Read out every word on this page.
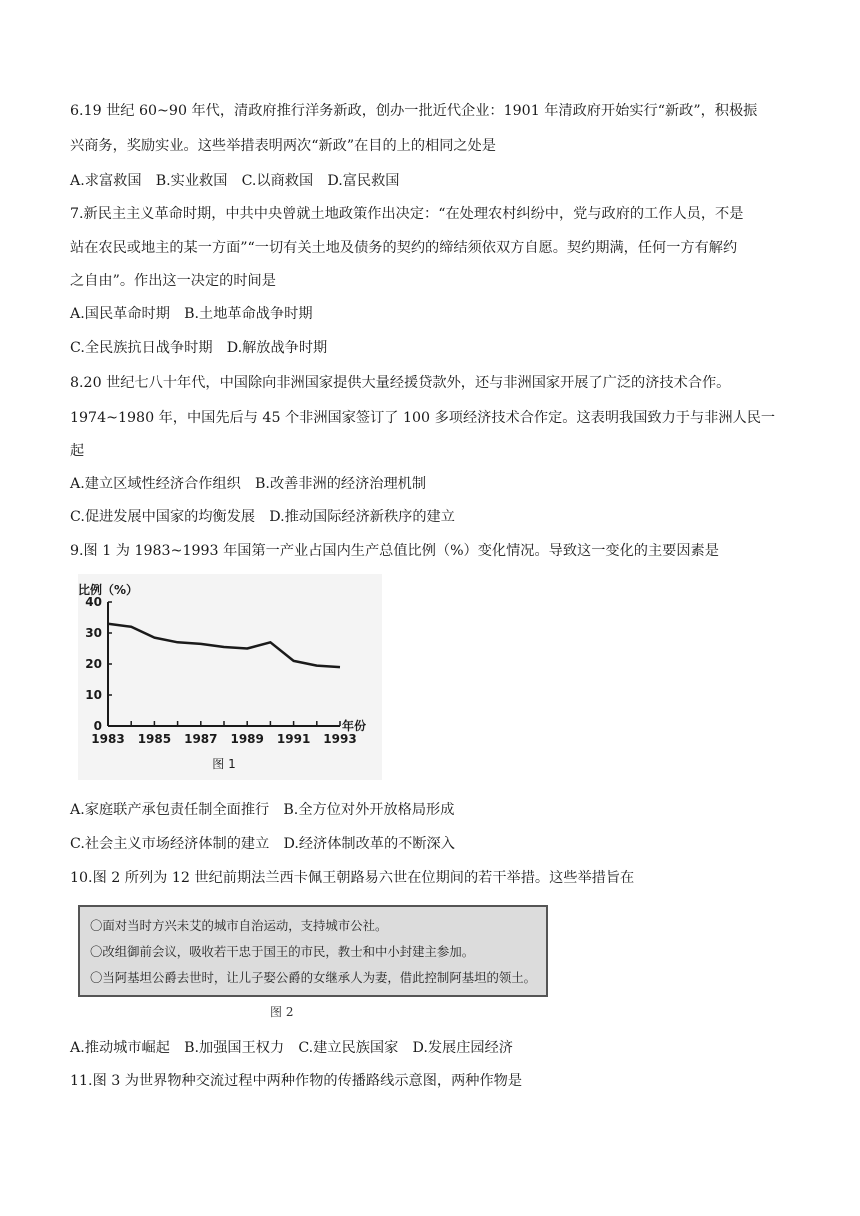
6.19 世纪 60~90 年代，清政府推行洋务新政，创办一批近代企业：1901 年清政府开始实行“新政”，积极振
兴商务，奖励实业。这些举措表明两次“新政”在目的上的相同之处是
A.求富救国　B.实业救国　C.以商救国　D.富民救国
7.新民主主义革命时期，中共中央曾就土地政策作出决定：“在处理农村纠纷中，党与政府的工作人员，不是
站在农民或地主的某一方面”“一切有关土地及债务的契约的缔结须依双方自愿。契约期满，任何一方有解约
之自由”。作出这一决定的时间是
A.国民革命时期　B.土地革命战争时期
C.全民族抗日战争时期　D.解放战争时期
8.20 世纪七八十年代，中国除向非洲国家提供大量经援贷款外，还与非洲国家开展了广泛的济技术合作。
1974~1980 年，中国先后与 45 个非洲国家签订了 100 多项经济技术合作定。这表明我国致力于与非洲人民一
起
A.建立区域性经济合作组织　B.改善非洲的经济治理机制
C.促进发展中国家的均衡发展　D.推动国际经济新秩序的建立
9.图 1 为 1983~1993 年国第一产业占国内生产总值比例（%）变化情况。导致这一变化的主要因素是
0
10
20
30
40
1983 1985 1987 1989 1991 1993
比例（%）
年份
图 1
A.家庭联产承包责任制全面推行　B.全方位对外开放格局形成
C.社会主义市场经济体制的建立　D.经济体制改革的不断深入
10.图 2 所列为 12 世纪前期法兰西卡佩王朝路易六世在位期间的若干举措。这些举措旨在
〇面对当时方兴未艾的城市自治运动，支持城市公社。
〇改组御前会议，吸收若干忠于国王的市民，教士和中小封建主参加。
〇当阿基坦公爵去世时，让儿子娶公爵的女继承人为妻，借此控制阿基坦的领土。
图 2
A.推动城市崛起　B.加强国王权力　C.建立民族国家　D.发展庄园经济
11.图 3 为世界物种交流过程中两种作物的传播路线示意图，两种作物是
